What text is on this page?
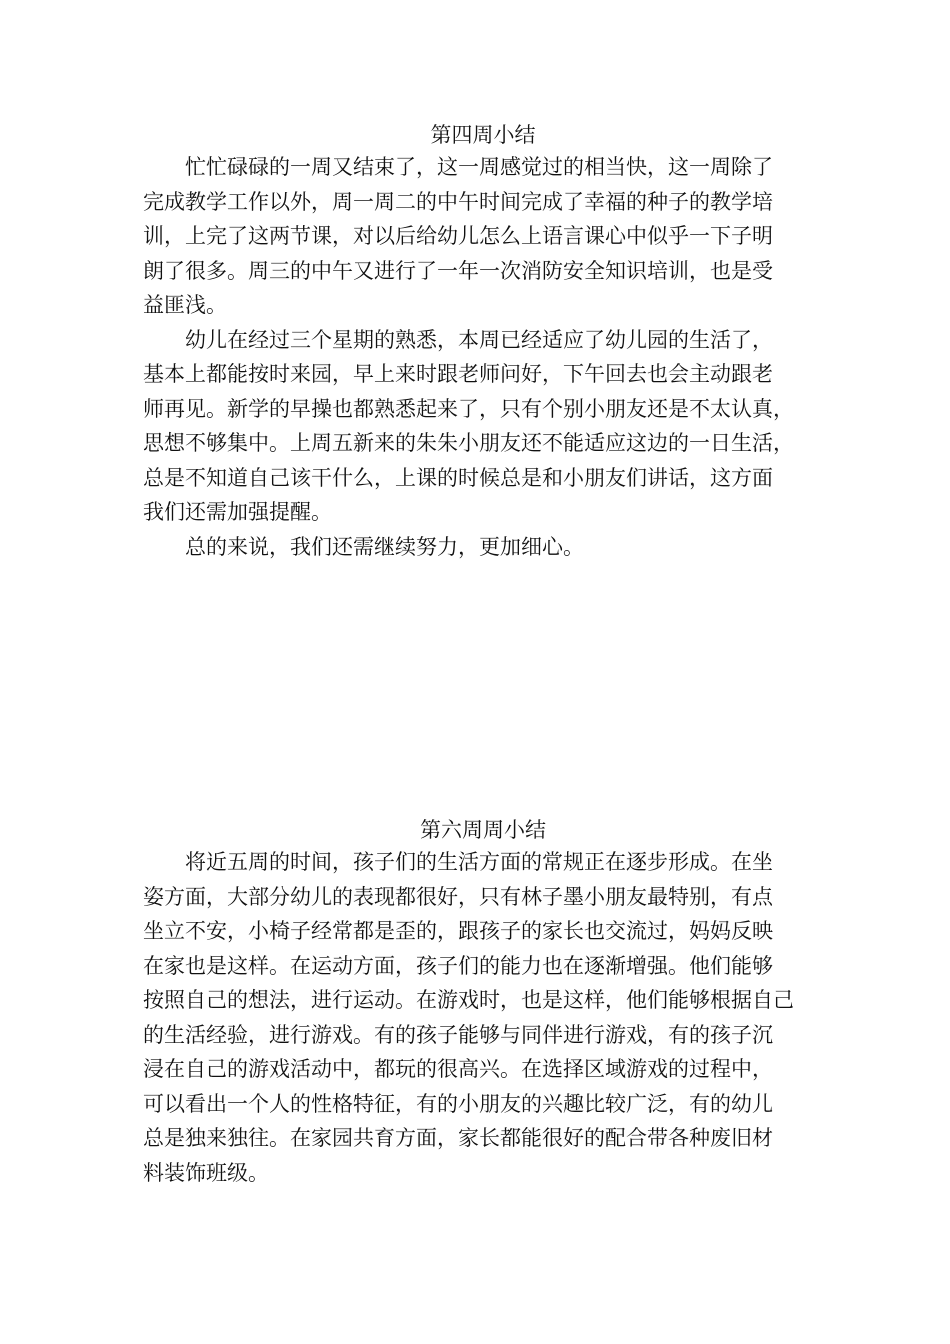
第四周小结
忙忙碌碌的一周又结束了，这一周感觉过的相当快，这一周除了
完成教学工作以外，周一周二的中午时间完成了幸福的种子的教学培
训，上完了这两节课，对以后给幼儿怎么上语言课心中似乎一下子明
朗了很多。周三的中午又进行了一年一次消防安全知识培训，也是受
益匪浅。
幼儿在经过三个星期的熟悉，本周已经适应了幼儿园的生活了，
基本上都能按时来园，早上来时跟老师问好，下午回去也会主动跟老
师再见。新学的早操也都熟悉起来了，只有个别小朋友还是不太认真，
思想不够集中。上周五新来的朱朱小朋友还不能适应这边的一日生活，
总是不知道自己该干什么，上课的时候总是和小朋友们讲话，这方面
我们还需加强提醒。
总的来说，我们还需继续努力，更加细心。
第六周周小结
将近五周的时间，孩子们的生活方面的常规正在逐步形成。在坐
姿方面，大部分幼儿的表现都很好，只有林子墨小朋友最特别，有点
坐立不安，小椅子经常都是歪的，跟孩子的家长也交流过，妈妈反映
在家也是这样。在运动方面，孩子们的能力也在逐渐增强。他们能够
按照自己的想法，进行运动。在游戏时，也是这样，他们能够根据自己
的生活经验，进行游戏。有的孩子能够与同伴进行游戏，有的孩子沉
浸在自己的游戏活动中，都玩的很高兴。在选择区域游戏的过程中，
可以看出一个人的性格特征，有的小朋友的兴趣比较广泛，有的幼儿
总是独来独往。在家园共育方面，家长都能很好的配合带各种废旧材
料装饰班级。
